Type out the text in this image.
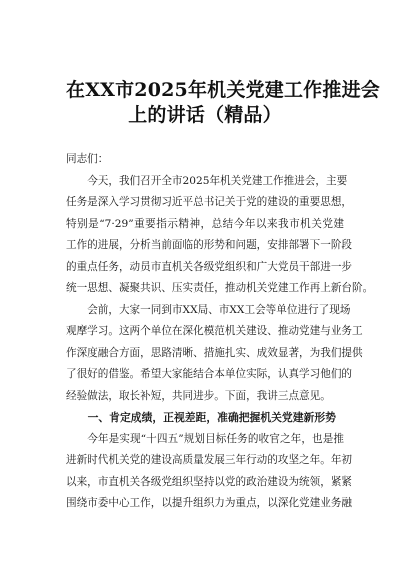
在XX市2025年机关党建工作推进会
上的讲话（精品）
同志们：

今天，我们召开全市2025年机关党建工作推进会，主要
任务是深入学习贯彻习近平总书记关于党的建设的重要思想，
特别是“7·29”重要指示精神，总结今年以来我市机关党建
工作的进展，分析当前面临的形势和问题，安排部署下一阶段
的重点任务，动员市直机关各级党组织和广大党员干部进一步
统一思想、凝聚共识、压实责任，推动机关党建工作再上新台阶。

会前，大家一同到市XX局、市XX工会等单位进行了现场
观摩学习。这两个单位在深化模范机关建设、推动党建与业务工
作深度融合方面，思路清晰、措施扎实、成效显著，为我们提供
了很好的借鉴。希望大家能结合本单位实际，认真学习他们的
经验做法，取长补短，共同进步。下面，我讲三点意见。

一、肯定成绩，正视差距，准确把握机关党建新形势

今年是实现“十四五”规划目标任务的收官之年，也是推
进新时代机关党的建设高质量发展三年行动的攻坚之年。年初
以来，市直机关各级党组织坚持以党的政治建设为统领，紧紧
围绕市委中心工作，以提升组织力为重点，以深化党建业务融
